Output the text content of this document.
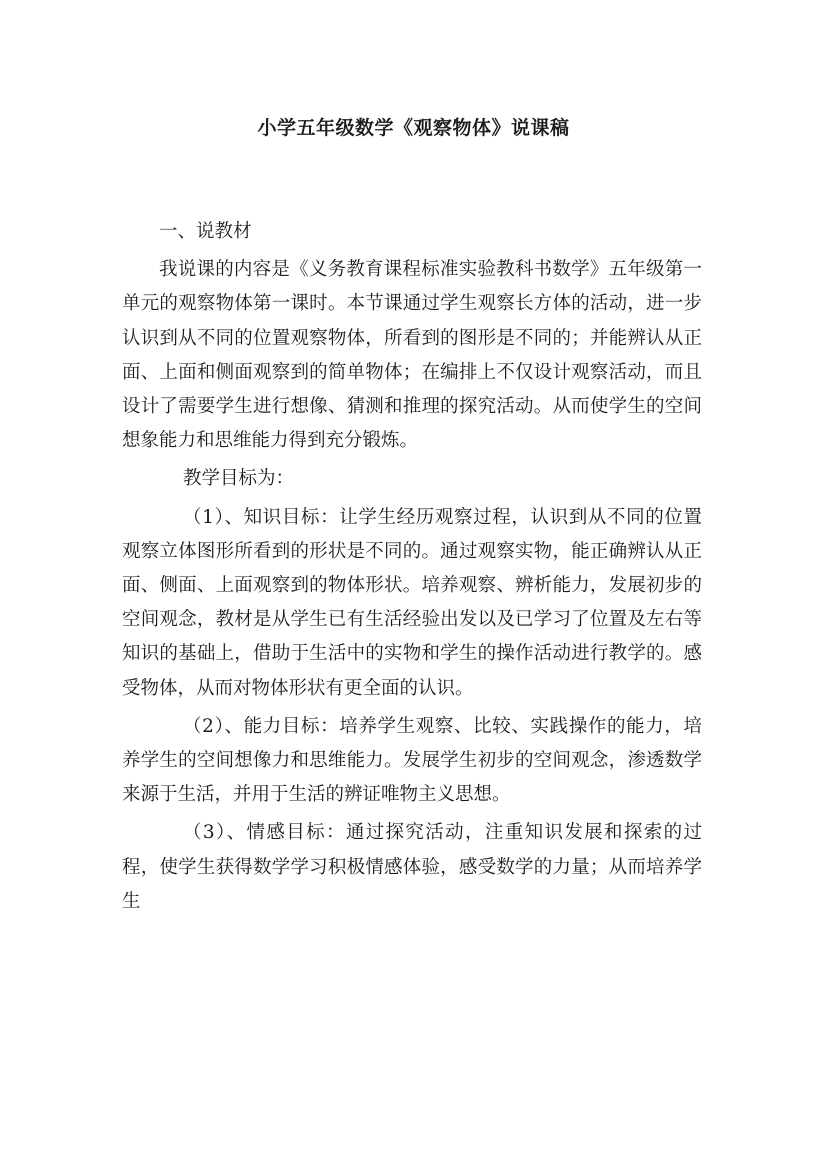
小学五年级数学《观察物体》说课稿

一、说教材

我说课的内容是《义务教育课程标准实验教科书数学》五年级第一单元的观察物体第一课时。本节课通过学生观察长方体的活动，进一步认识到从不同的位置观察物体，所看到的图形是不同的；并能辨认从正面、上面和侧面观察到的简单物体；在编排上不仅设计观察活动，而且设计了需要学生进行想像、猜测和推理的探究活动。从而使学生的空间想象能力和思维能力得到充分锻炼。

教学目标为：

（1）、知识目标：让学生经历观察过程，认识到从不同的位置观察立体图形所看到的形状是不同的。通过观察实物，能正确辨认从正面、侧面、上面观察到的物体形状。培养观察、辨析能力，发展初步的空间观念，教材是从学生已有生活经验出发以及已学习了位置及左右等知识的基础上，借助于生活中的实物和学生的操作活动进行教学的。感受物体，从而对物体形状有更全面的认识。

（2）、能力目标：培养学生观察、比较、实践操作的能力，培养学生的空间想像力和思维能力。发展学生初步的空间观念，渗透数学来源于生活，并用于生活的辨证唯物主义思想。

（3）、情感目标：通过探究活动，注重知识发展和探索的过程，使学生获得数学学习积极情感体验，感受数学的力量；从而培养学生
